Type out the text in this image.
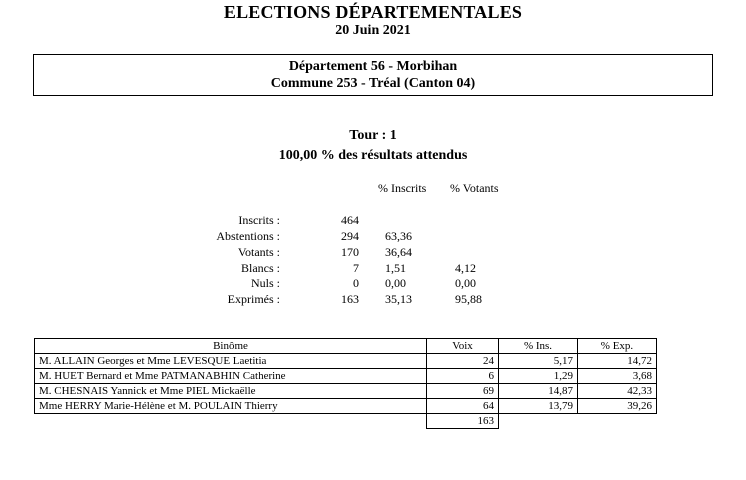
ELECTIONS DÉPARTEMENTALES
20 Juin 2021
Département 56 - Morbihan
Commune 253 - Tréal (Canton 04)
Tour : 1
100,00 % des résultats attendus
% Inscrits % Votants
Inscrits :	464
Abstentions :	294 63,36
Votants :	170 36,64
Blancs :	7 1,51	4,12
Nuls :	0 0,00	0,00
Exprimés :	163 35,13	95,88
Binôme	Voix	% Ins.	% Exp.
M. ALLAIN Georges et Mme LEVESQUE Laetitia	24	5,17	14,72
M. HUET Bernard et Mme PATMANABHIN Catherine	6	1,29	3,68
M. CHESNAIS Yannick et Mme PIEL Mickaëlle	69	14,87	42,33
Mme HERRY Marie-Hélène et M. POULAIN Thierry	64	13,79	39,26
	163		
